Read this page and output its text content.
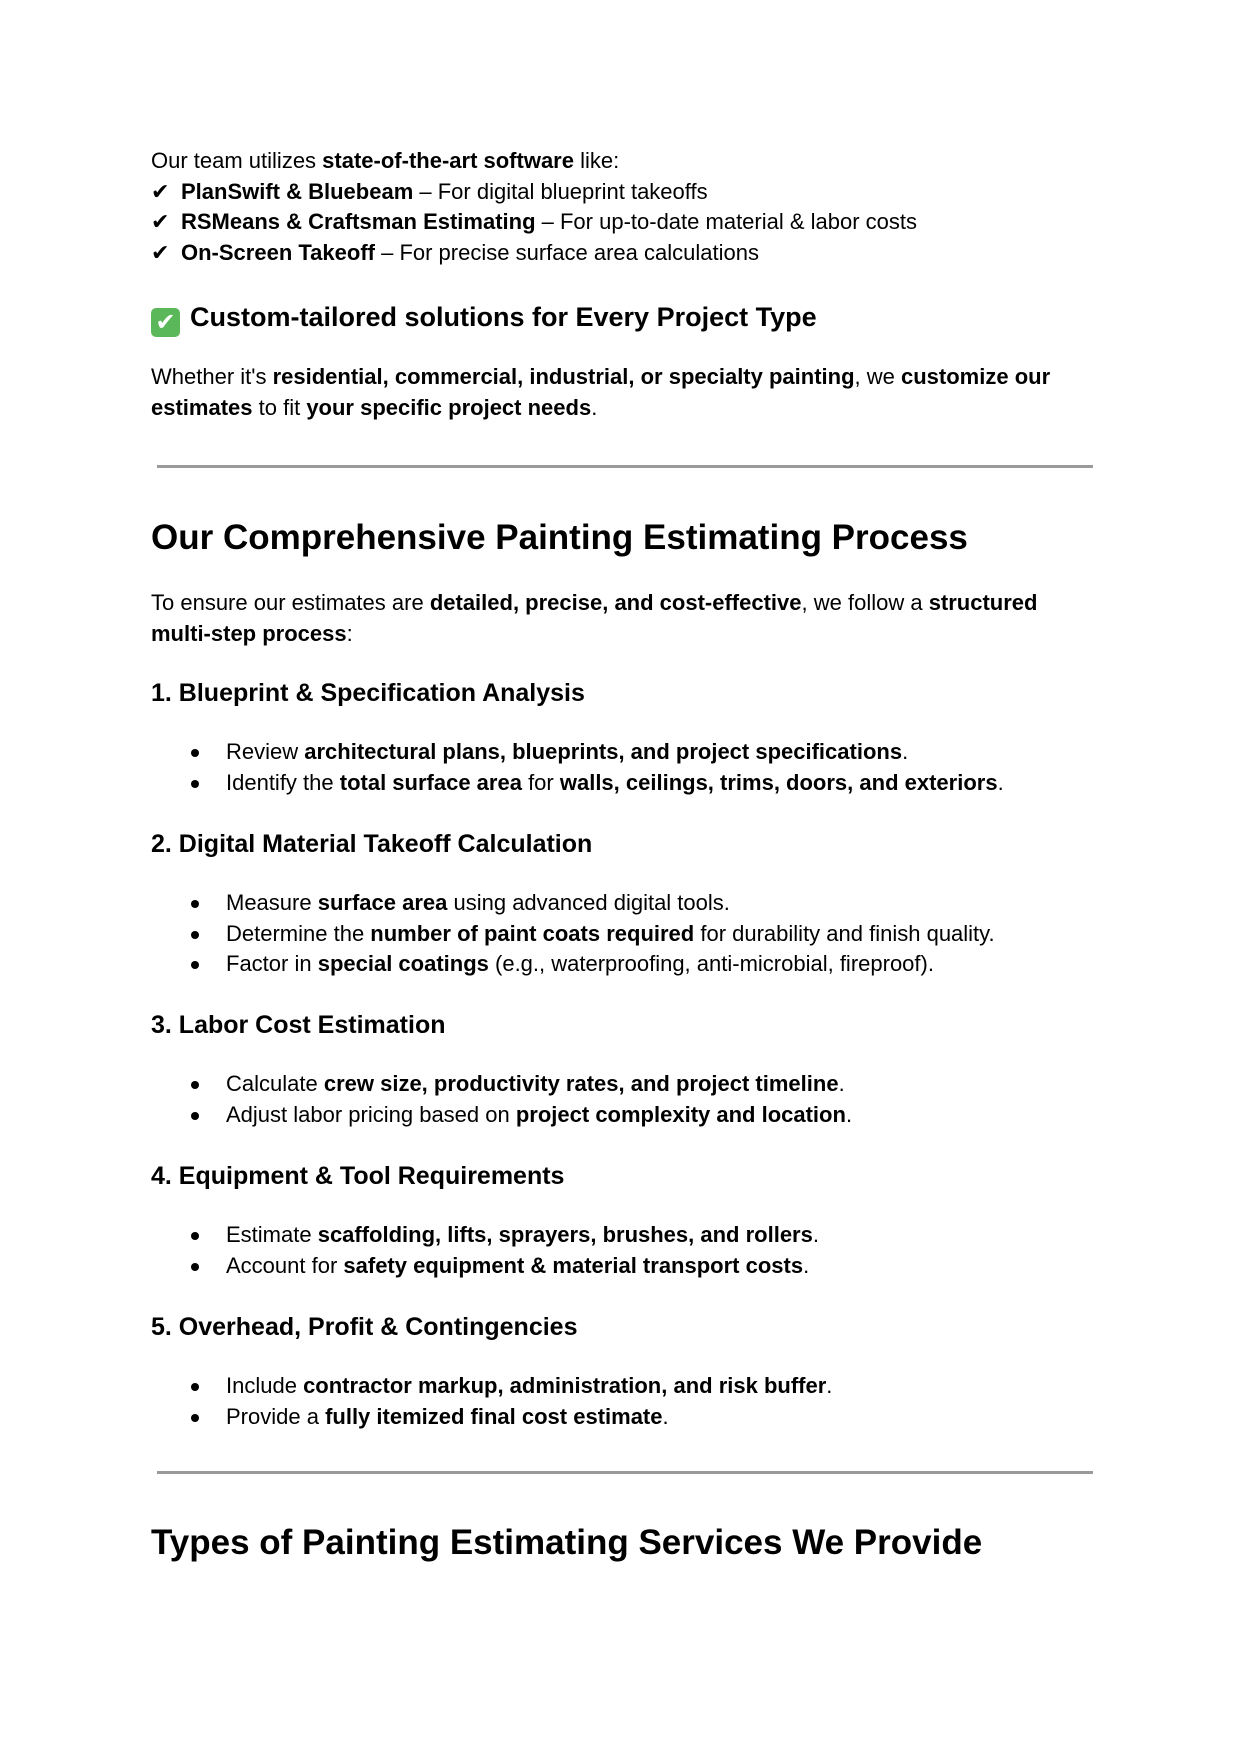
Our team utilizes state-of-the-art software like:
✔ PlanSwift & Bluebeam – For digital blueprint takeoffs
✔ RSMeans & Craftsman Estimating – For up-to-date material & labor costs
✔ On-Screen Takeoff – For precise surface area calculations
✔ Custom-tailored solutions for Every Project Type
Whether it's residential, commercial, industrial, or specialty painting, we customize our estimates to fit your specific project needs.
Our Comprehensive Painting Estimating Process
To ensure our estimates are detailed, precise, and cost-effective, we follow a structured multi-step process:
1. Blueprint & Specification Analysis
Review architectural plans, blueprints, and project specifications.
Identify the total surface area for walls, ceilings, trims, doors, and exteriors.
2. Digital Material Takeoff Calculation
Measure surface area using advanced digital tools.
Determine the number of paint coats required for durability and finish quality.
Factor in special coatings (e.g., waterproofing, anti-microbial, fireproof).
3. Labor Cost Estimation
Calculate crew size, productivity rates, and project timeline.
Adjust labor pricing based on project complexity and location.
4. Equipment & Tool Requirements
Estimate scaffolding, lifts, sprayers, brushes, and rollers.
Account for safety equipment & material transport costs.
5. Overhead, Profit & Contingencies
Include contractor markup, administration, and risk buffer.
Provide a fully itemized final cost estimate.
Types of Painting Estimating Services We Provide
